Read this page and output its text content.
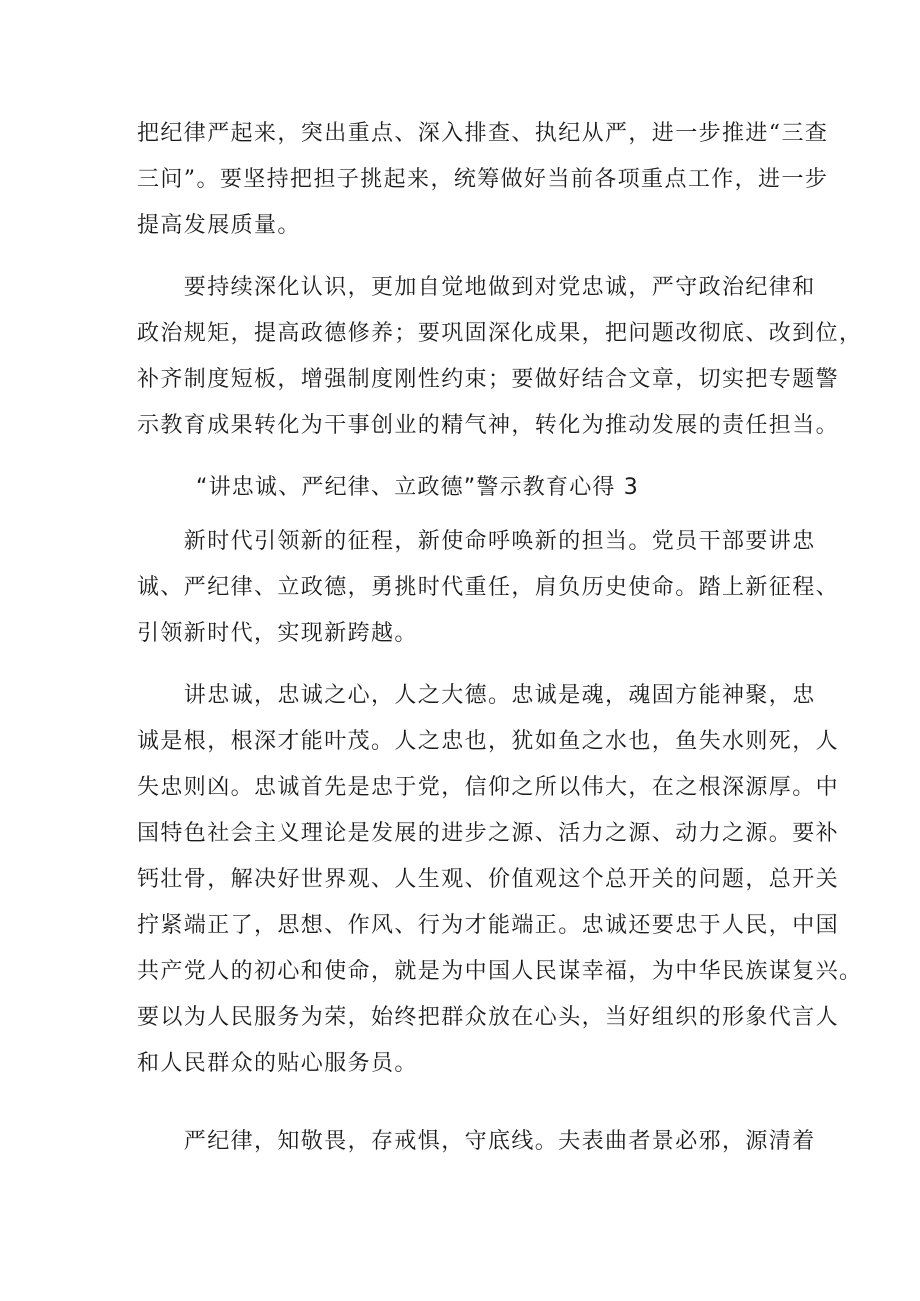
把纪律严起来，突出重点、深入排查、执纪从严，进一步推进“三查
三问”。要坚持把担子挑起来，统筹做好当前各项重点工作，进一步
提高发展质量。
　　要持续深化认识，更加自觉地做到对党忠诚，严守政治纪律和
政治规矩，提高政德修养；要巩固深化成果，把问题改彻底、改到位，
补齐制度短板，增强制度刚性约束；要做好结合文章，切实把专题警
示教育成果转化为干事创业的精气神，转化为推动发展的责任担当。
“讲忠诚、严纪律、立政德”警示教育心得 3
　　新时代引领新的征程，新使命呼唤新的担当。党员干部要讲忠
诚、严纪律、立政德，勇挑时代重任，肩负历史使命。踏上新征程、
引领新时代，实现新跨越。
　　讲忠诚，忠诚之心，人之大德。忠诚是魂，魂固方能神聚，忠
诚是根，根深才能叶茂。人之忠也，犹如鱼之水也，鱼失水则死，人
失忠则凶。忠诚首先是忠于党，信仰之所以伟大，在之根深源厚。中
国特色社会主义理论是发展的进步之源、活力之源、动力之源。要补
钙壮骨，解决好世界观、人生观、价值观这个总开关的问题，总开关
拧紧端正了，思想、作风、行为才能端正。忠诚还要忠于人民，中国
共产党人的初心和使命，就是为中国人民谋幸福，为中华民族谋复兴。
要以为人民服务为荣，始终把群众放在心头，当好组织的形象代言人
和人民群众的贴心服务员。
　　严纪律，知敬畏，存戒惧，守底线。夫表曲者景必邪，源清着
